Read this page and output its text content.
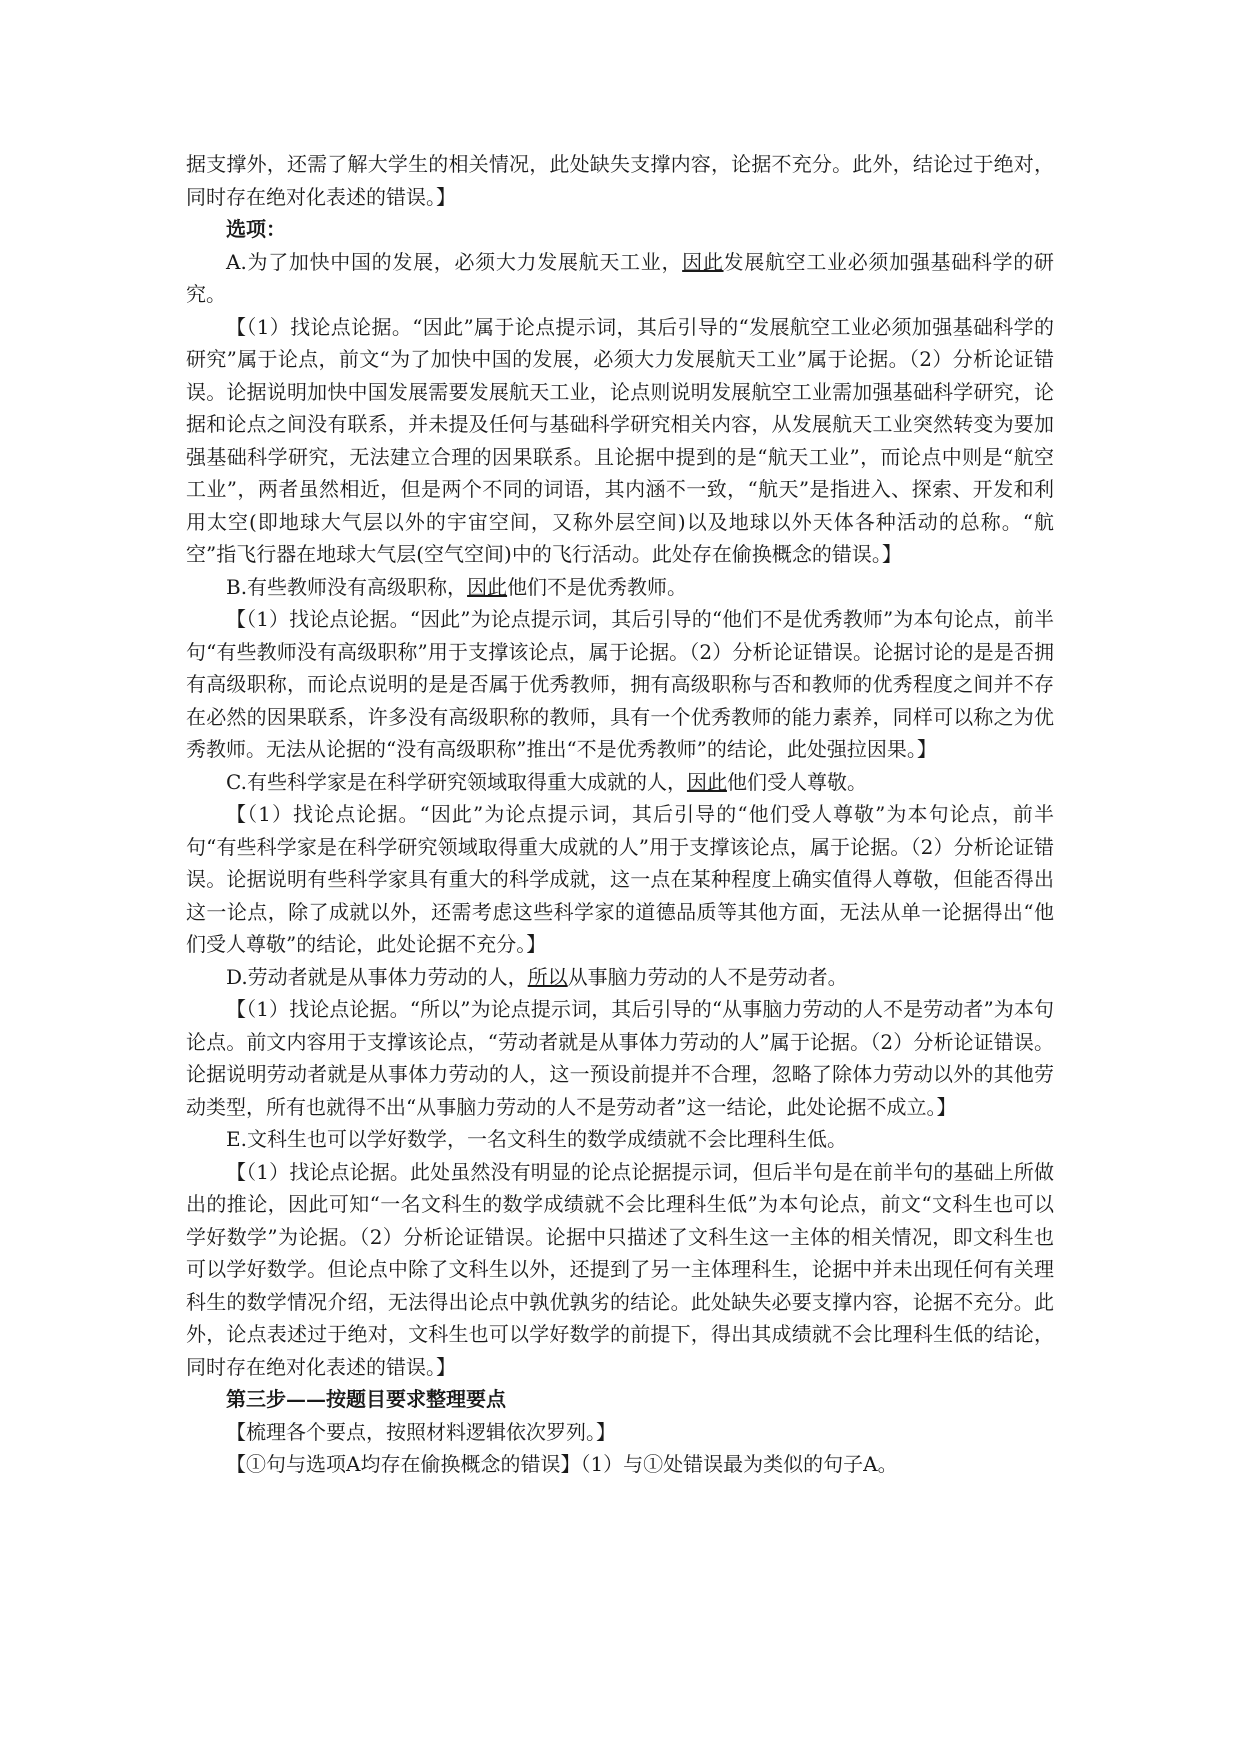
据支撑外，还需了解大学生的相关情况，此处缺失支撑内容，论据不充分。此外，结论过于绝对，同时存在绝对化表述的错误。】

选项：

A.为了加快中国的发展，必须大力发展航天工业，因此发展航空工业必须加强基础科学的研究。

【（1）找论点论据。“因此”属于论点提示词，其后引导的“发展航空工业必须加强基础科学的研究”属于论点，前文“为了加快中国的发展，必须大力发展航天工业”属于论据。（2）分析论证错误。论据说明加快中国发展需要发展航天工业，论点则说明发展航空工业需加强基础科学研究，论据和论点之间没有联系，并未提及任何与基础科学研究相关内容，从发展航天工业突然转变为要加强基础科学研究，无法建立合理的因果联系。且论据中提到的是“航天工业”，而论点中则是“航空工业”，两者虽然相近，但是两个不同的词语，其内涵不一致，“航天”是指进入、探索、开发和利用太空(即地球大气层以外的宇宙空间，又称外层空间)以及地球以外天体各种活动的总称。“航空”指飞行器在地球大气层(空气空间)中的飞行活动。此处存在偷换概念的错误。】

B.有些教师没有高级职称，因此他们不是优秀教师。

【（1）找论点论据。“因此”为论点提示词，其后引导的“他们不是优秀教师”为本句论点，前半句“有些教师没有高级职称”用于支撑该论点，属于论据。（2）分析论证错误。论据讨论的是是否拥有高级职称，而论点说明的是是否属于优秀教师，拥有高级职称与否和教师的优秀程度之间并不存在必然的因果联系，许多没有高级职称的教师，具有一个优秀教师的能力素养，同样可以称之为优秀教师。无法从论据的“没有高级职称”推出“不是优秀教师”的结论，此处强拉因果。】

C.有些科学家是在科学研究领域取得重大成就的人，因此他们受人尊敬。

【（1）找论点论据。“因此”为论点提示词，其后引导的“他们受人尊敬”为本句论点，前半句“有些科学家是在科学研究领域取得重大成就的人”用于支撑该论点，属于论据。（2）分析论证错误。论据说明有些科学家具有重大的科学成就，这一点在某种程度上确实值得人尊敬，但能否得出这一论点，除了成就以外，还需考虑这些科学家的道德品质等其他方面，无法从单一论据得出“他们受人尊敬”的结论，此处论据不充分。】

D.劳动者就是从事体力劳动的人，所以从事脑力劳动的人不是劳动者。

【（1）找论点论据。“所以”为论点提示词，其后引导的“从事脑力劳动的人不是劳动者”为本句论点。前文内容用于支撑该论点，“劳动者就是从事体力劳动的人”属于论据。（2）分析论证错误。论据说明劳动者就是从事体力劳动的人，这一预设前提并不合理，忽略了除体力劳动以外的其他劳动类型，所有也就得不出“从事脑力劳动的人不是劳动者”这一结论，此处论据不成立。】

E.文科生也可以学好数学，一名文科生的数学成绩就不会比理科生低。

【（1）找论点论据。此处虽然没有明显的论点论据提示词，但后半句是在前半句的基础上所做出的推论，因此可知“一名文科生的数学成绩就不会比理科生低”为本句论点，前文“文科生也可以学好数学”为论据。（2）分析论证错误。论据中只描述了文科生这一主体的相关情况，即文科生也可以学好数学。但论点中除了文科生以外，还提到了另一主体理科生，论据中并未出现任何有关理科生的数学情况介绍，无法得出论点中孰优孰劣的结论。此处缺失必要支撑内容，论据不充分。此外，论点表述过于绝对，文科生也可以学好数学的前提下，得出其成绩就不会比理科生低的结论，同时存在绝对化表述的错误。】

第三步——按题目要求整理要点

【梳理各个要点，按照材料逻辑依次罗列。】

【①句与选项A均存在偷换概念的错误】（1）与①处错误最为类似的句子A。
